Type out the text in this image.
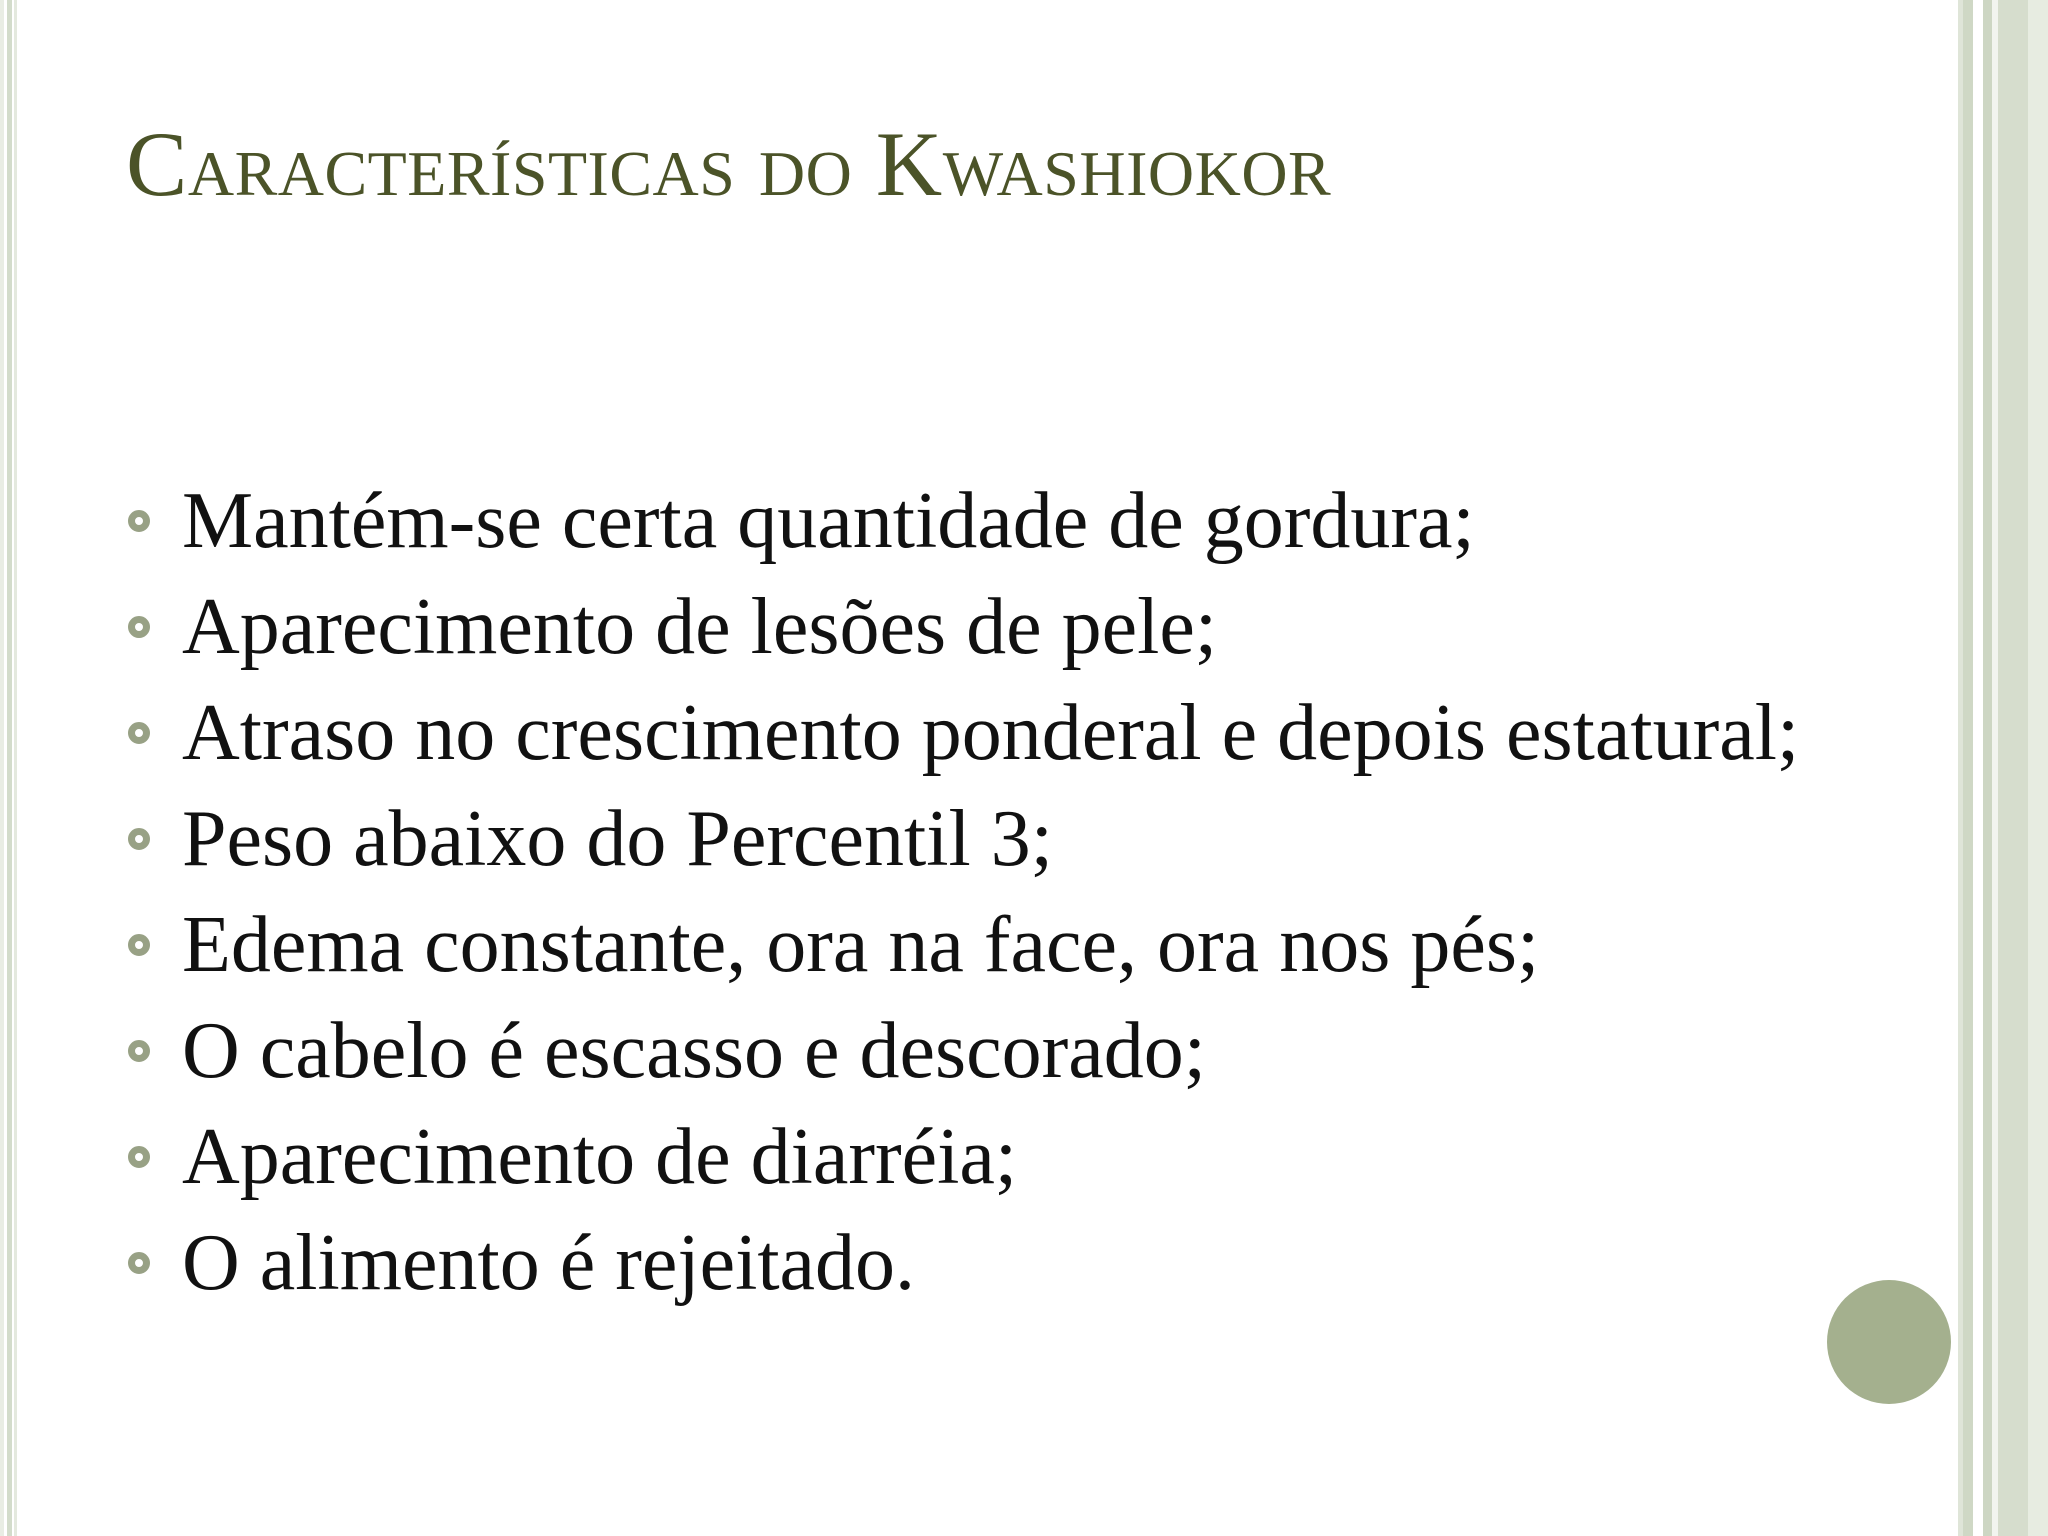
Características do Kwashiokor
Mantém-se certa quantidade de gordura;
Aparecimento de lesões de pele;
Atraso no crescimento ponderal e depois estatural;
Peso abaixo do Percentil 3;
Edema constante, ora na face, ora nos pés;
O cabelo é escasso e descorado;
Aparecimento de diarréia;
O alimento é rejeitado.
